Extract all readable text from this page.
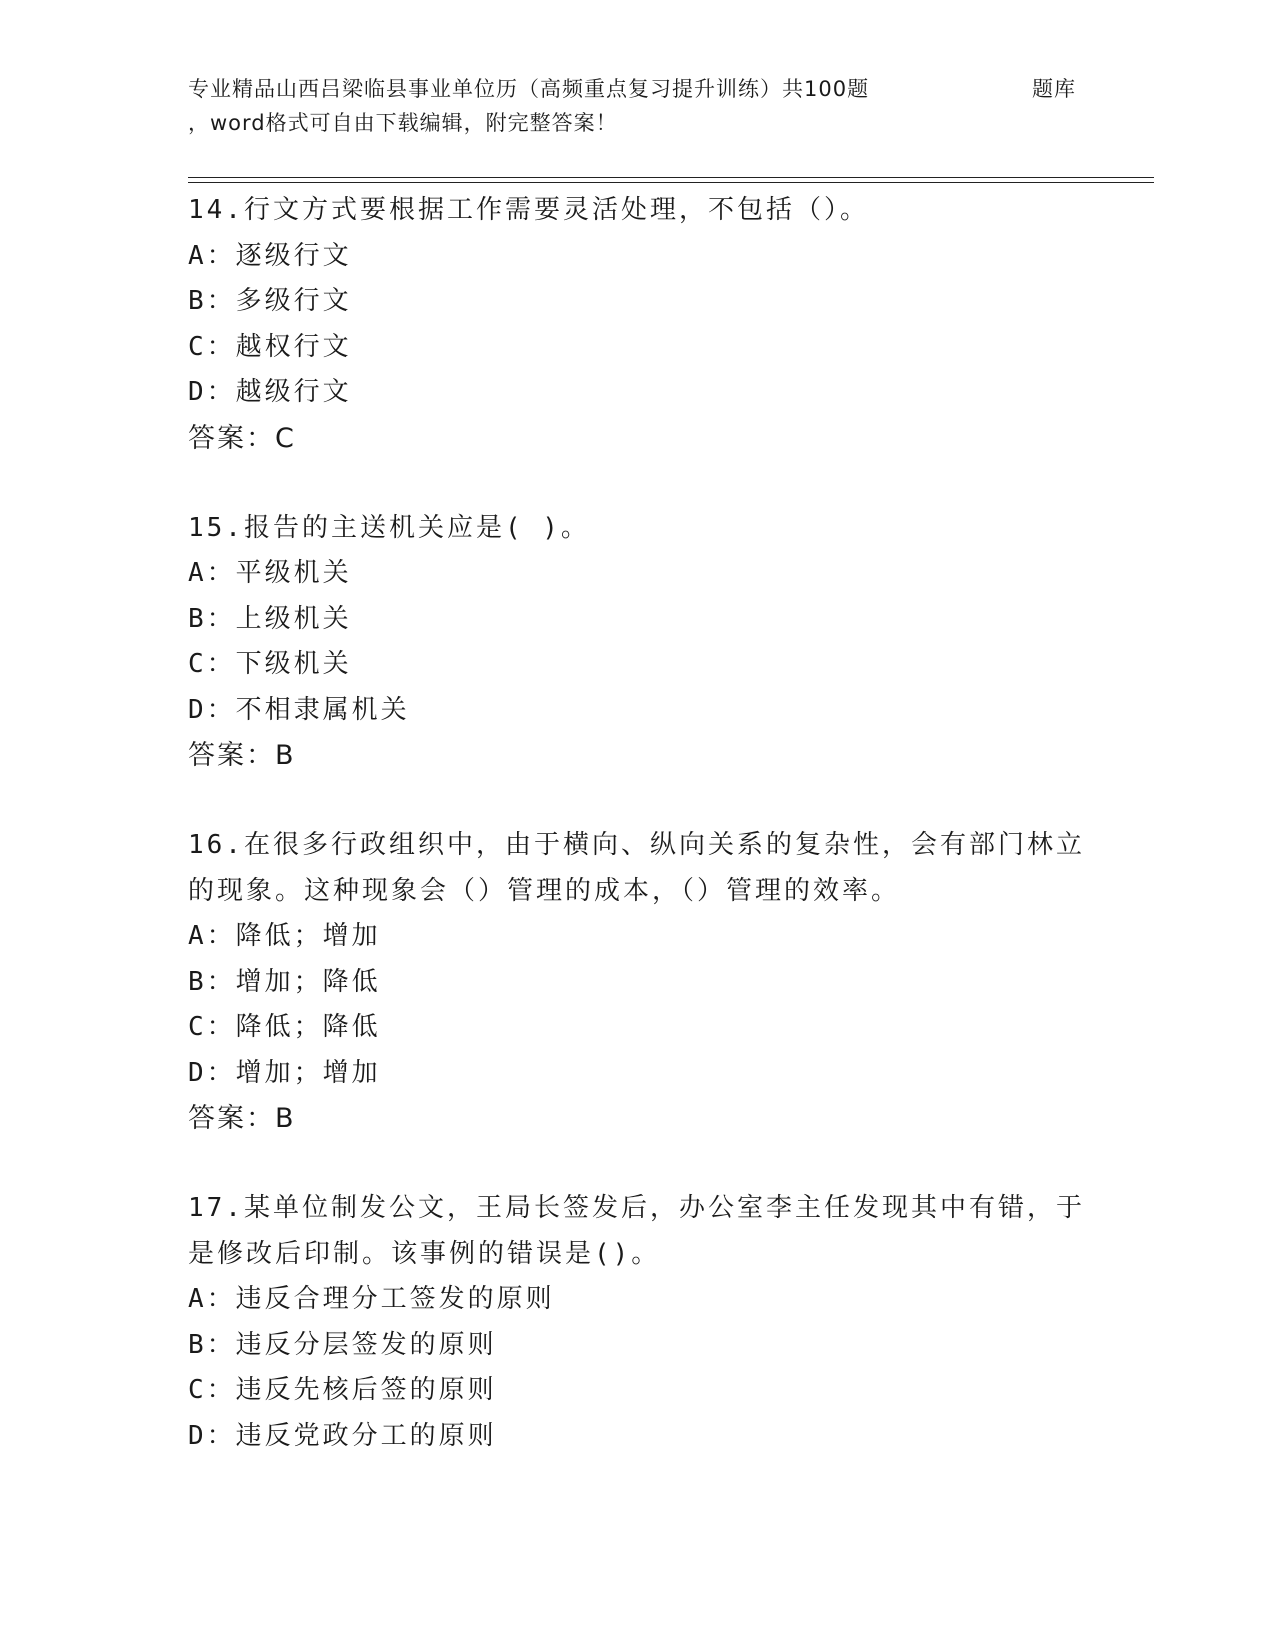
专业精品山西吕梁临县事业单位历（高频重点复习提升训练）共100题	题库
，word格式可自由下载编辑，附完整答案！
14.行文方式要根据工作需要灵活处理，不包括（）。
A：逐级行文
B：多级行文
C：越权行文
D：越级行文
答案：C
15.报告的主送机关应是( )。
A：平级机关
B：上级机关
C：下级机关
D：不相隶属机关
答案：B
16.在很多行政组织中，由于横向、纵向关系的复杂性，会有部门林立
的现象。这种现象会（）管理的成本，（）管理的效率。
A：降低；增加
B：增加；降低
C：降低；降低
D：增加；增加
答案：B
17.某单位制发公文，王局长签发后，办公室李主任发现其中有错，于
是修改后印制。该事例的错误是()。
A：违反合理分工签发的原则
B：违反分层签发的原则
C：违反先核后签的原则
D：违反党政分工的原则
